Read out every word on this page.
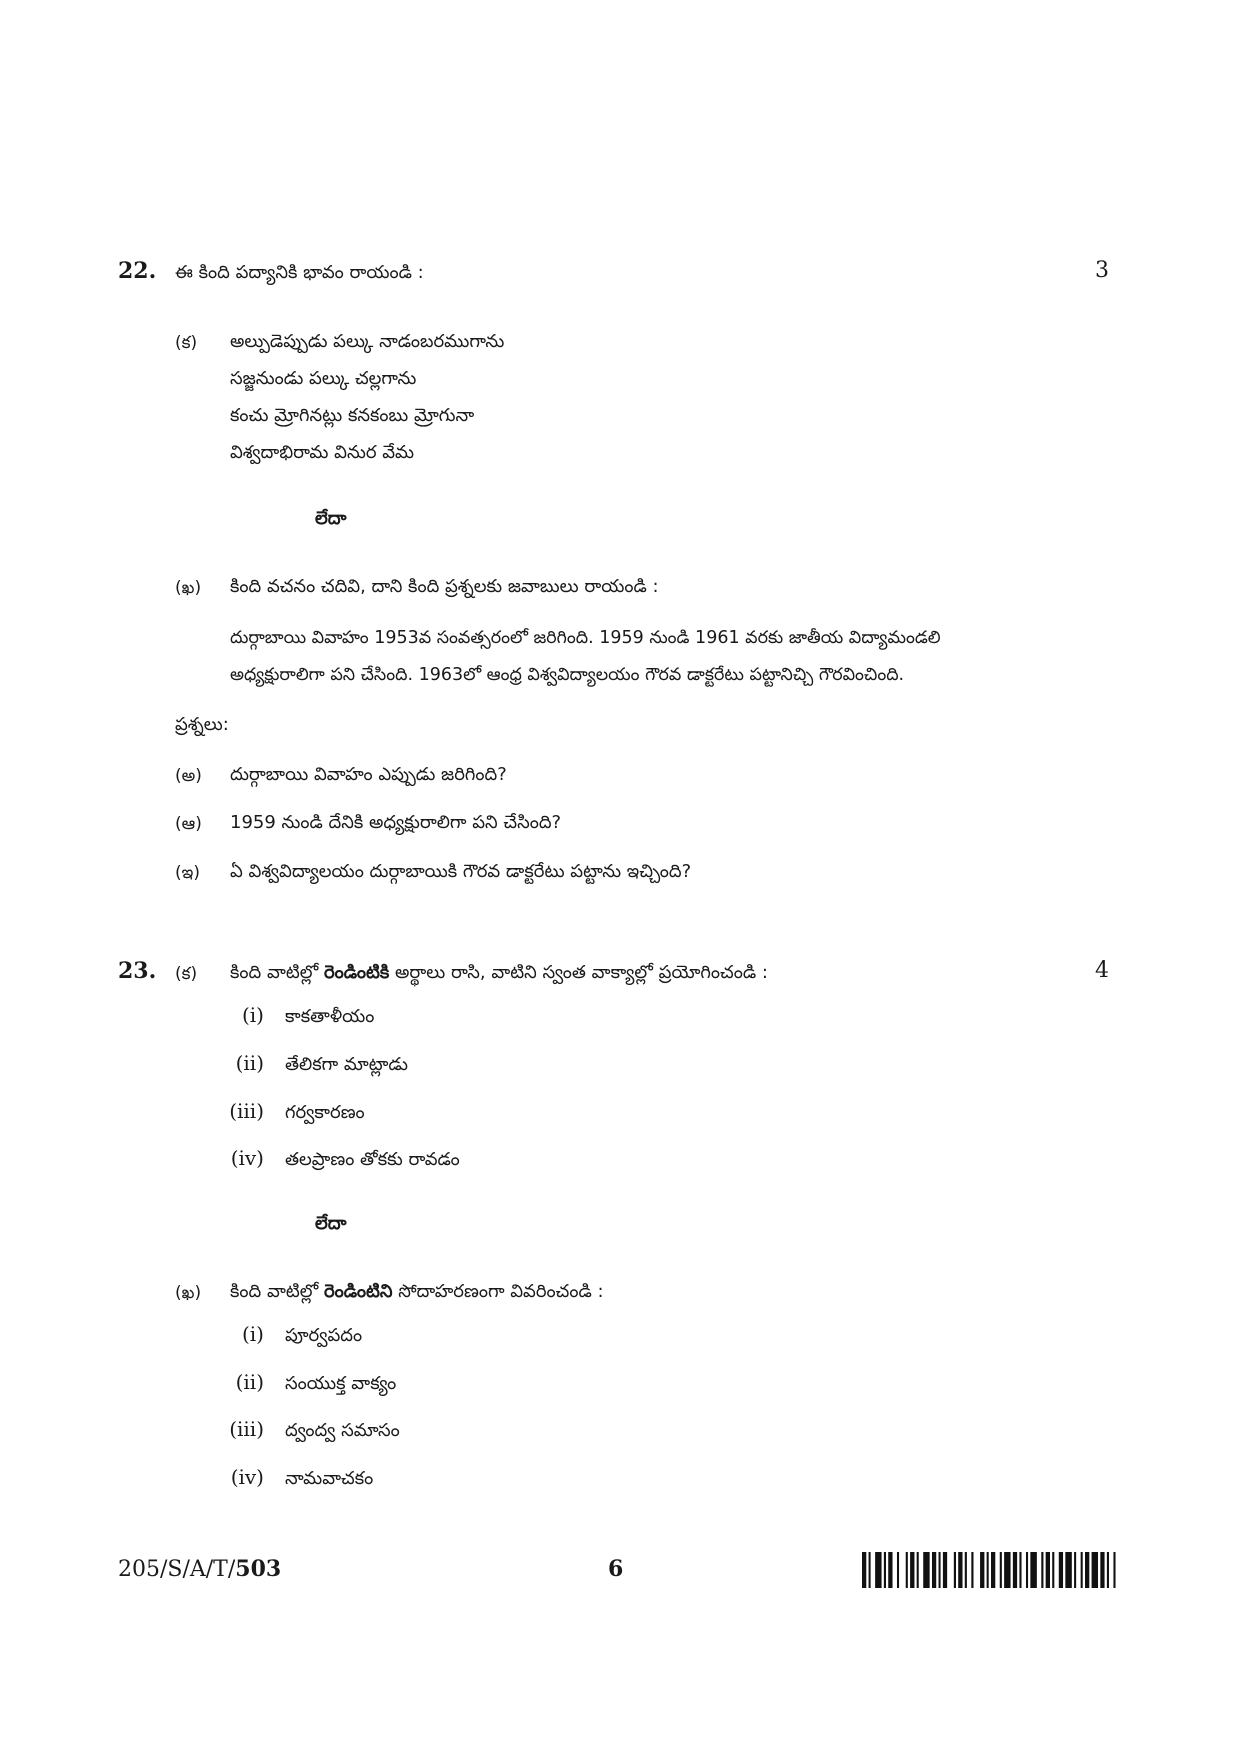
22. ఈ కింది పద్యానికి భావం రాయండి :	3
(క) అల్పుడెప్పుడు పల్కు నాడంబరముగాను
సజ్జనుండు పల్కు చల్లగాను
కంచు మ్రోగినట్లు కనకంబు మ్రోగునా
విశ్వదాభిరామ వినుర వేమ
లేదా
(ఖ) కింది వచనం చదివి, దాని కింది ప్రశ్నలకు జవాబులు రాయండి :
దుర్గాబాయి వివాహం 1953వ సంవత్సరంలో జరిగింది. 1959 నుండి 1961 వరకు జాతీయ విద్యామండలి
అధ్యక్షురాలిగా పని చేసింది. 1963లో ఆంధ్ర విశ్వవిద్యాలయం గౌరవ డాక్టరేటు పట్టానిచ్చి గౌరవించింది.
ప్రశ్నలు:
(అ) దుర్గాబాయి వివాహం ఎప్పుడు జరిగింది?
(ఆ) 1959 నుండి దేనికి అధ్యక్షురాలిగా పని చేసింది?
(ఇ) ఏ విశ్వవిద్యాలయం దుర్గాబాయికి గౌరవ డాక్టరేటు పట్టాను ఇచ్చింది?
23. (క) కింది వాటిల్లో రెండింటికి అర్థాలు రాసి, వాటిని స్వంత వాక్యాల్లో ప్రయోగించండి :	4
(i) కాకతాళీయం
(ii) తేలికగా మాట్లాడు
(iii) గర్వకారణం
(iv) తలప్రాణం తోకకు రావడం
లేదా
(ఖ) కింది వాటిల్లో రెండింటిని సోదాహరణంగా వివరించండి :
(i) పూర్వపదం
(ii) సంయుక్త వాక్యం
(iii) ద్వంద్వ సమాసం
(iv) నామవాచకం
205/S/A/T/503	6
